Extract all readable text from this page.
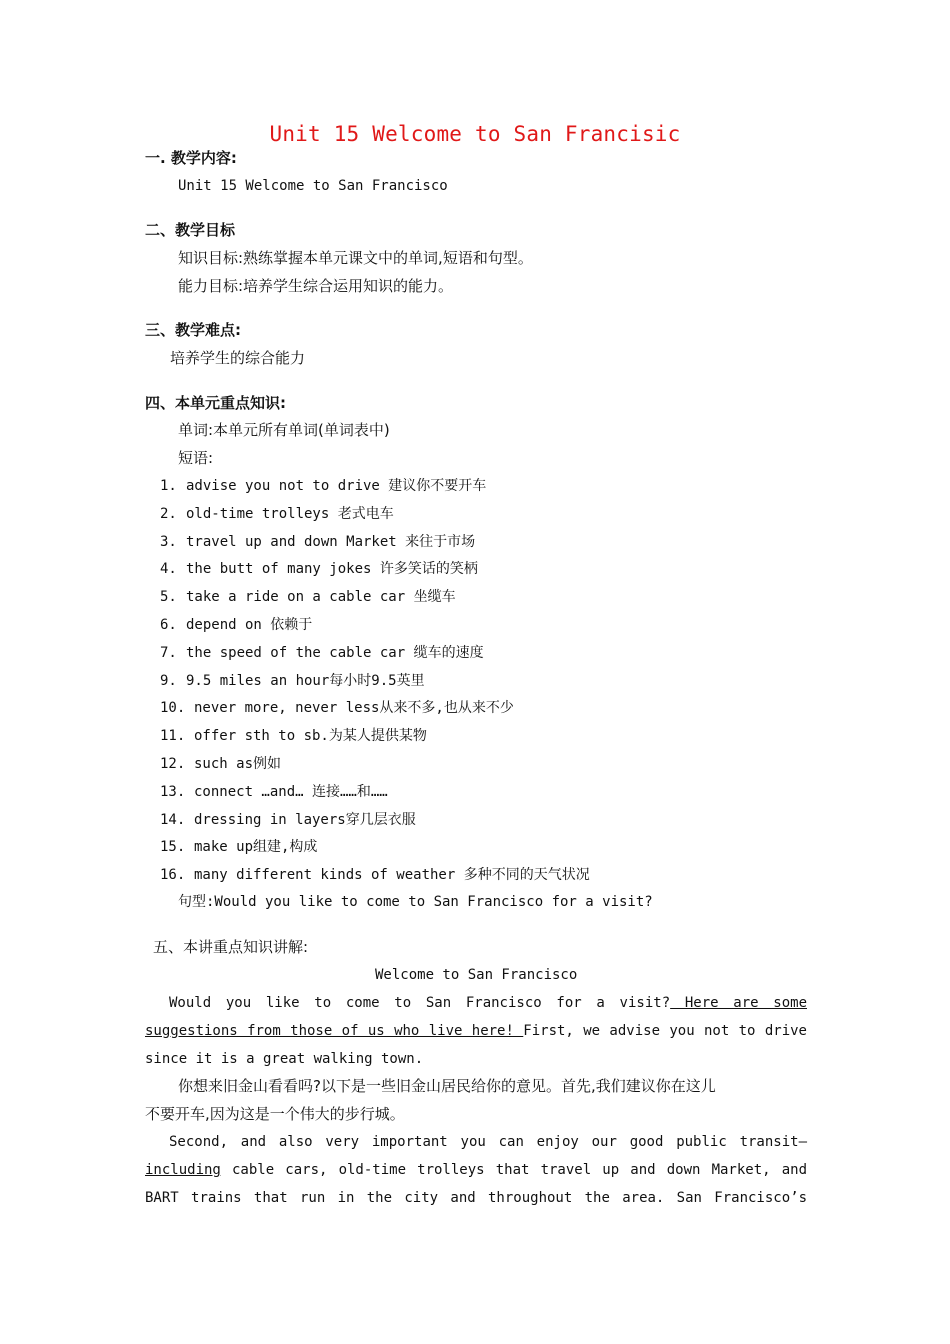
Unit 15 Welcome to San Francisic
一. 教学内容:
Unit 15 Welcome to San Francisco
二、教学目标
知识目标:熟练掌握本单元课文中的单词,短语和句型。
能力目标:培养学生综合运用知识的能力。
三、教学难点:
培养学生的综合能力
四、本单元重点知识:
单词:本单元所有单词(单词表中)
短语:
1. advise you not to drive 建议你不要开车
2. old-time trolleys 老式电车
3. travel up and down Market 来往于市场
4. the butt of many jokes 许多笑话的笑柄
5. take a ride on a cable car 坐缆车
6. depend on 依赖于
7. the speed of the cable car 缆车的速度
9. 9.5 miles an hour每小时9.5英里
10. never more, never less从来不多,也从来不少
11. offer sth to sb.为某人提供某物
12. such as例如
13. connect …and… 连接……和……
14. dressing in layers穿几层衣服
15. make up组建,构成
16. many different kinds of weather 多种不同的天气状况
句型:Would you like to come to San Francisco for a visit?
五、本讲重点知识讲解:
Welcome to San Francisco
Would you like to come to San Francisco for a visit? Here are some
suggestions from those of us who live here! First, we advise you not to drive
since it is a great walking town.
你想来旧金山看看吗?以下是一些旧金山居民给你的意见。首先,我们建议你在这儿
不要开车,因为这是一个伟大的步行城。
Second, and also very important you can enjoy our good public transit—
including cable cars, old-time trolleys that travel up and down Market, and
BART trains that run in the city and throughout the area. San Francisco’s
